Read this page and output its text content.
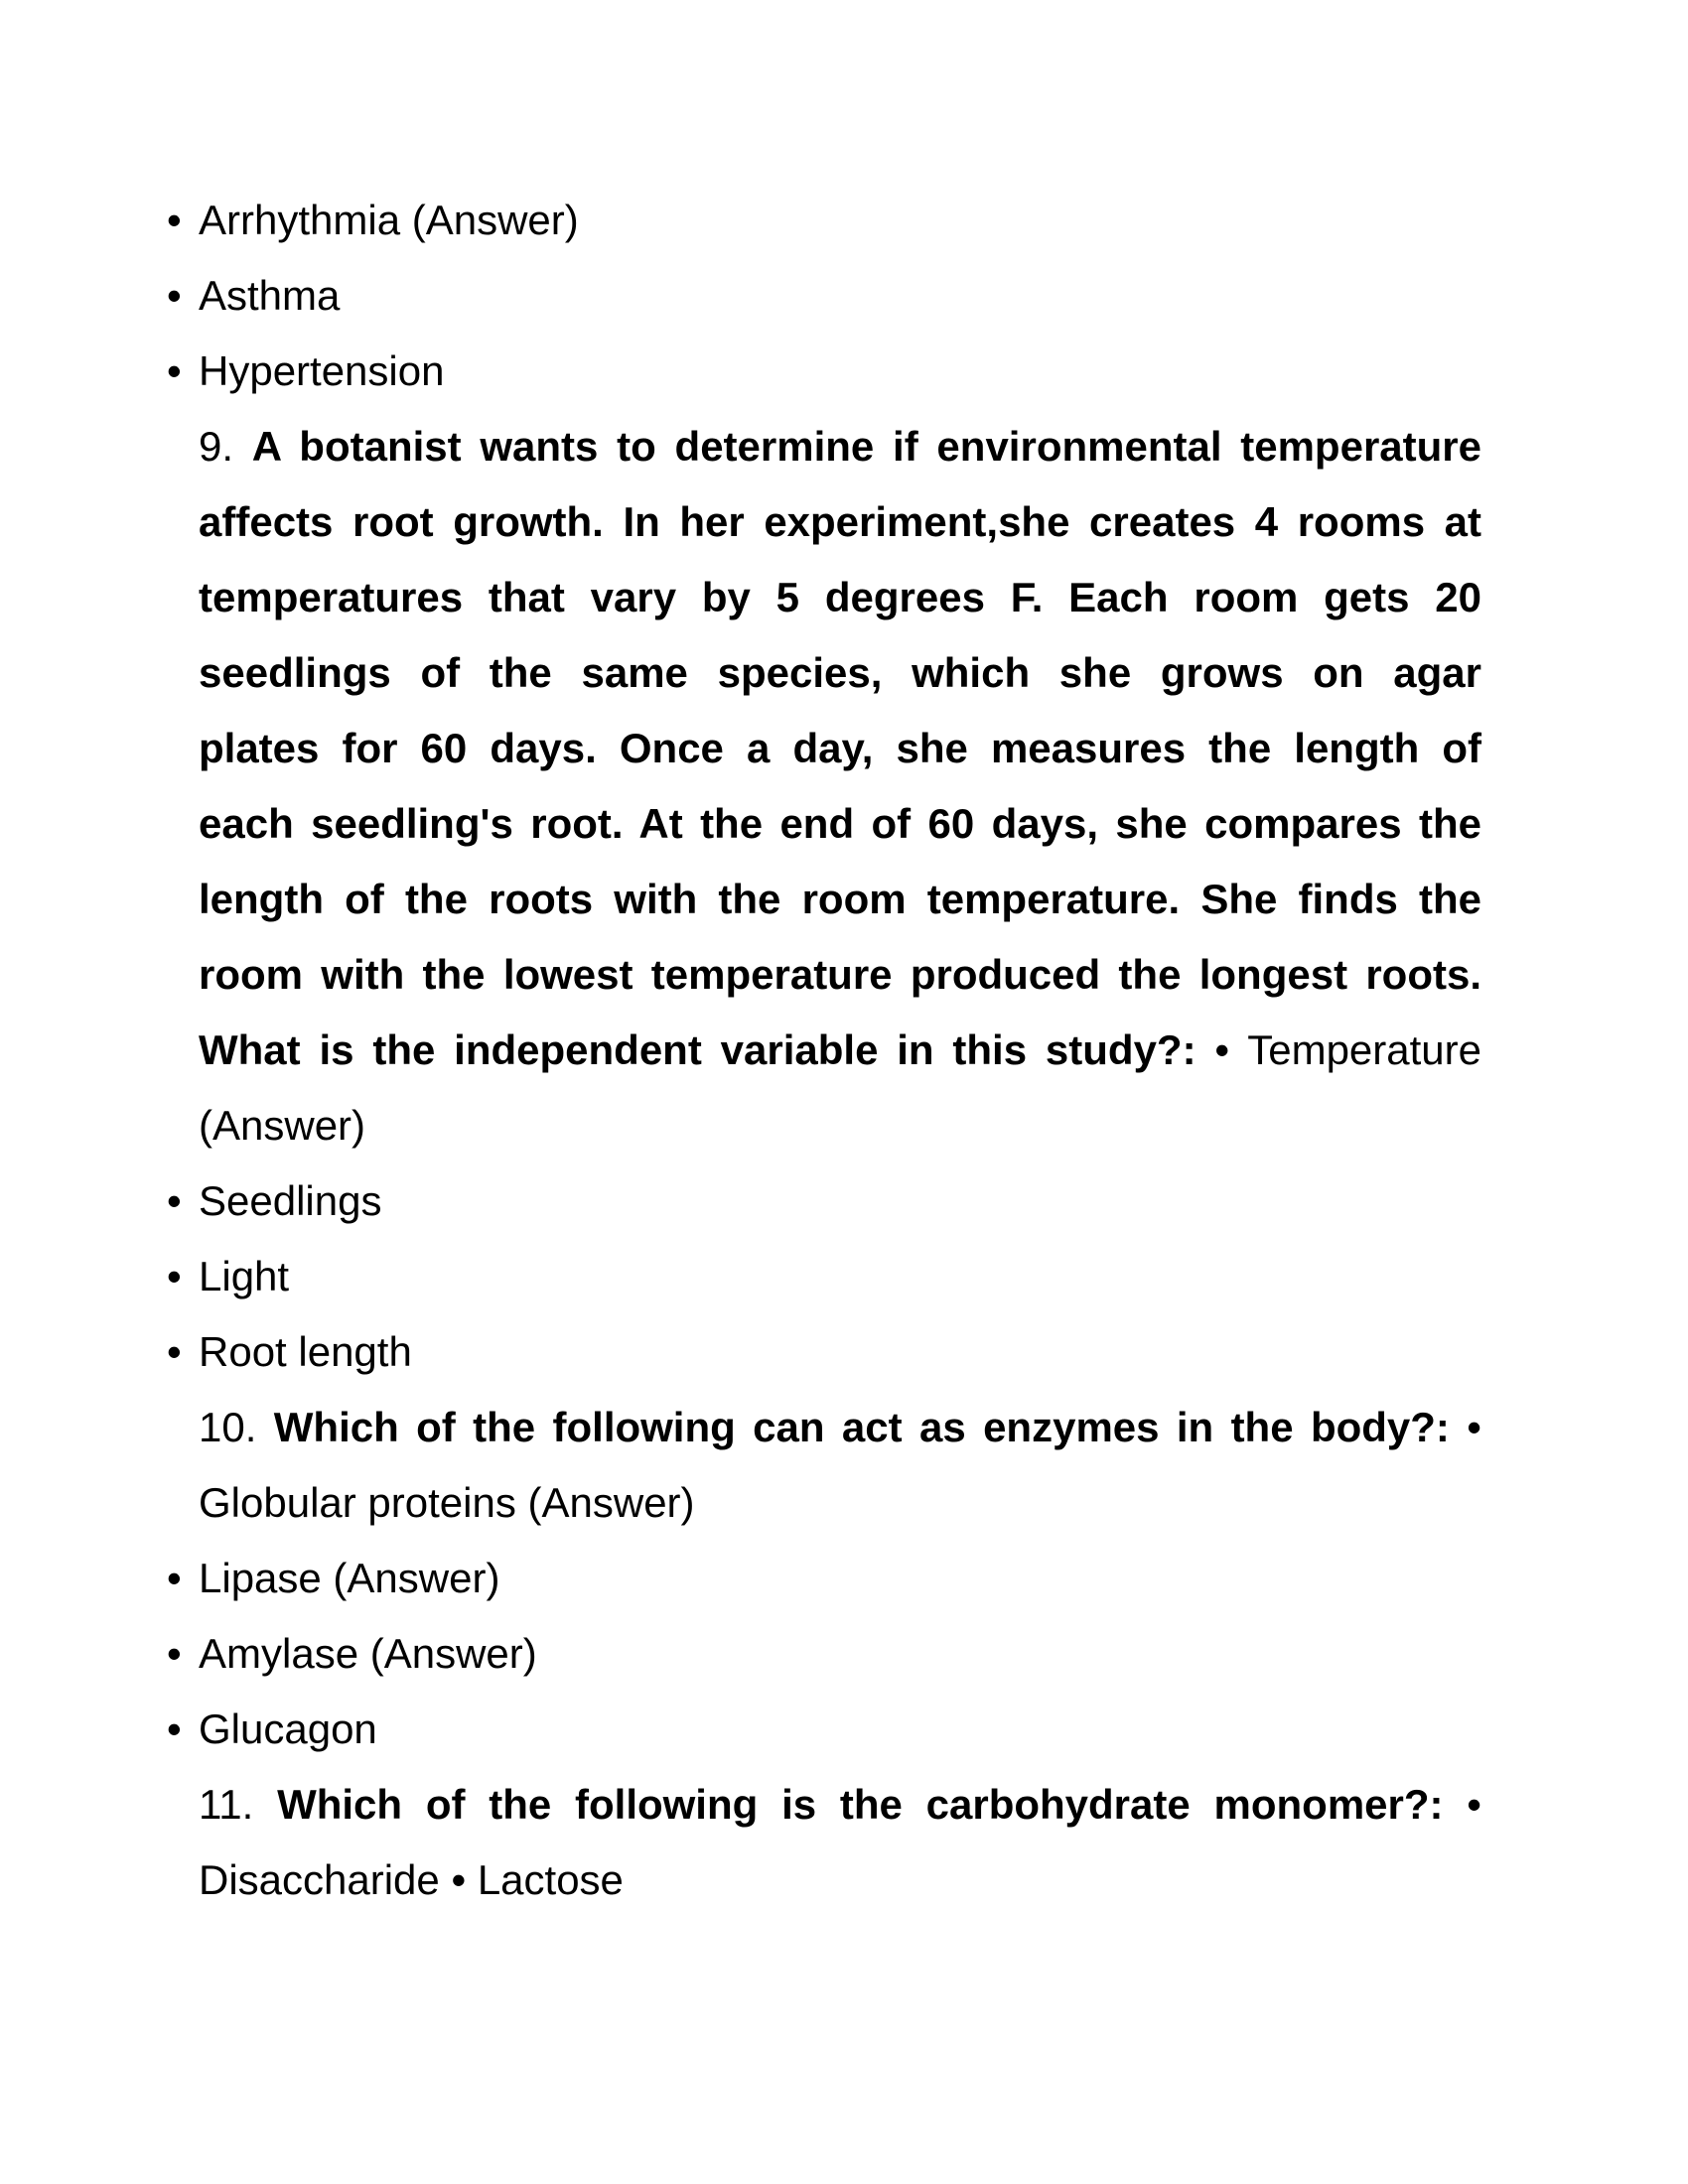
• Arrhythmia (Answer)
• Asthma
• Hypertension
9. A botanist wants to determine if environmental temperature
affects root growth. In her experiment,she creates 4 rooms at
temperatures that vary by 5 degrees F. Each room gets 20
seedlings of the same species, which she grows on agar
plates for 60 days. Once a day, she measures the length of
each seedling's root. At the end of 60 days, she compares the
length of the roots with the room temperature. She finds the
room with the lowest temperature produced the longest roots.
What is the independent variable in this study?: • Temperature
(Answer)
• Seedlings
• Light
• Root length
10. Which of the following can act as enzymes in the body?: •
Globular proteins (Answer)
• Lipase (Answer)
• Amylase (Answer)
• Glucagon
11. Which of the following is the carbohydrate monomer?: •
Disaccharide • Lactose
